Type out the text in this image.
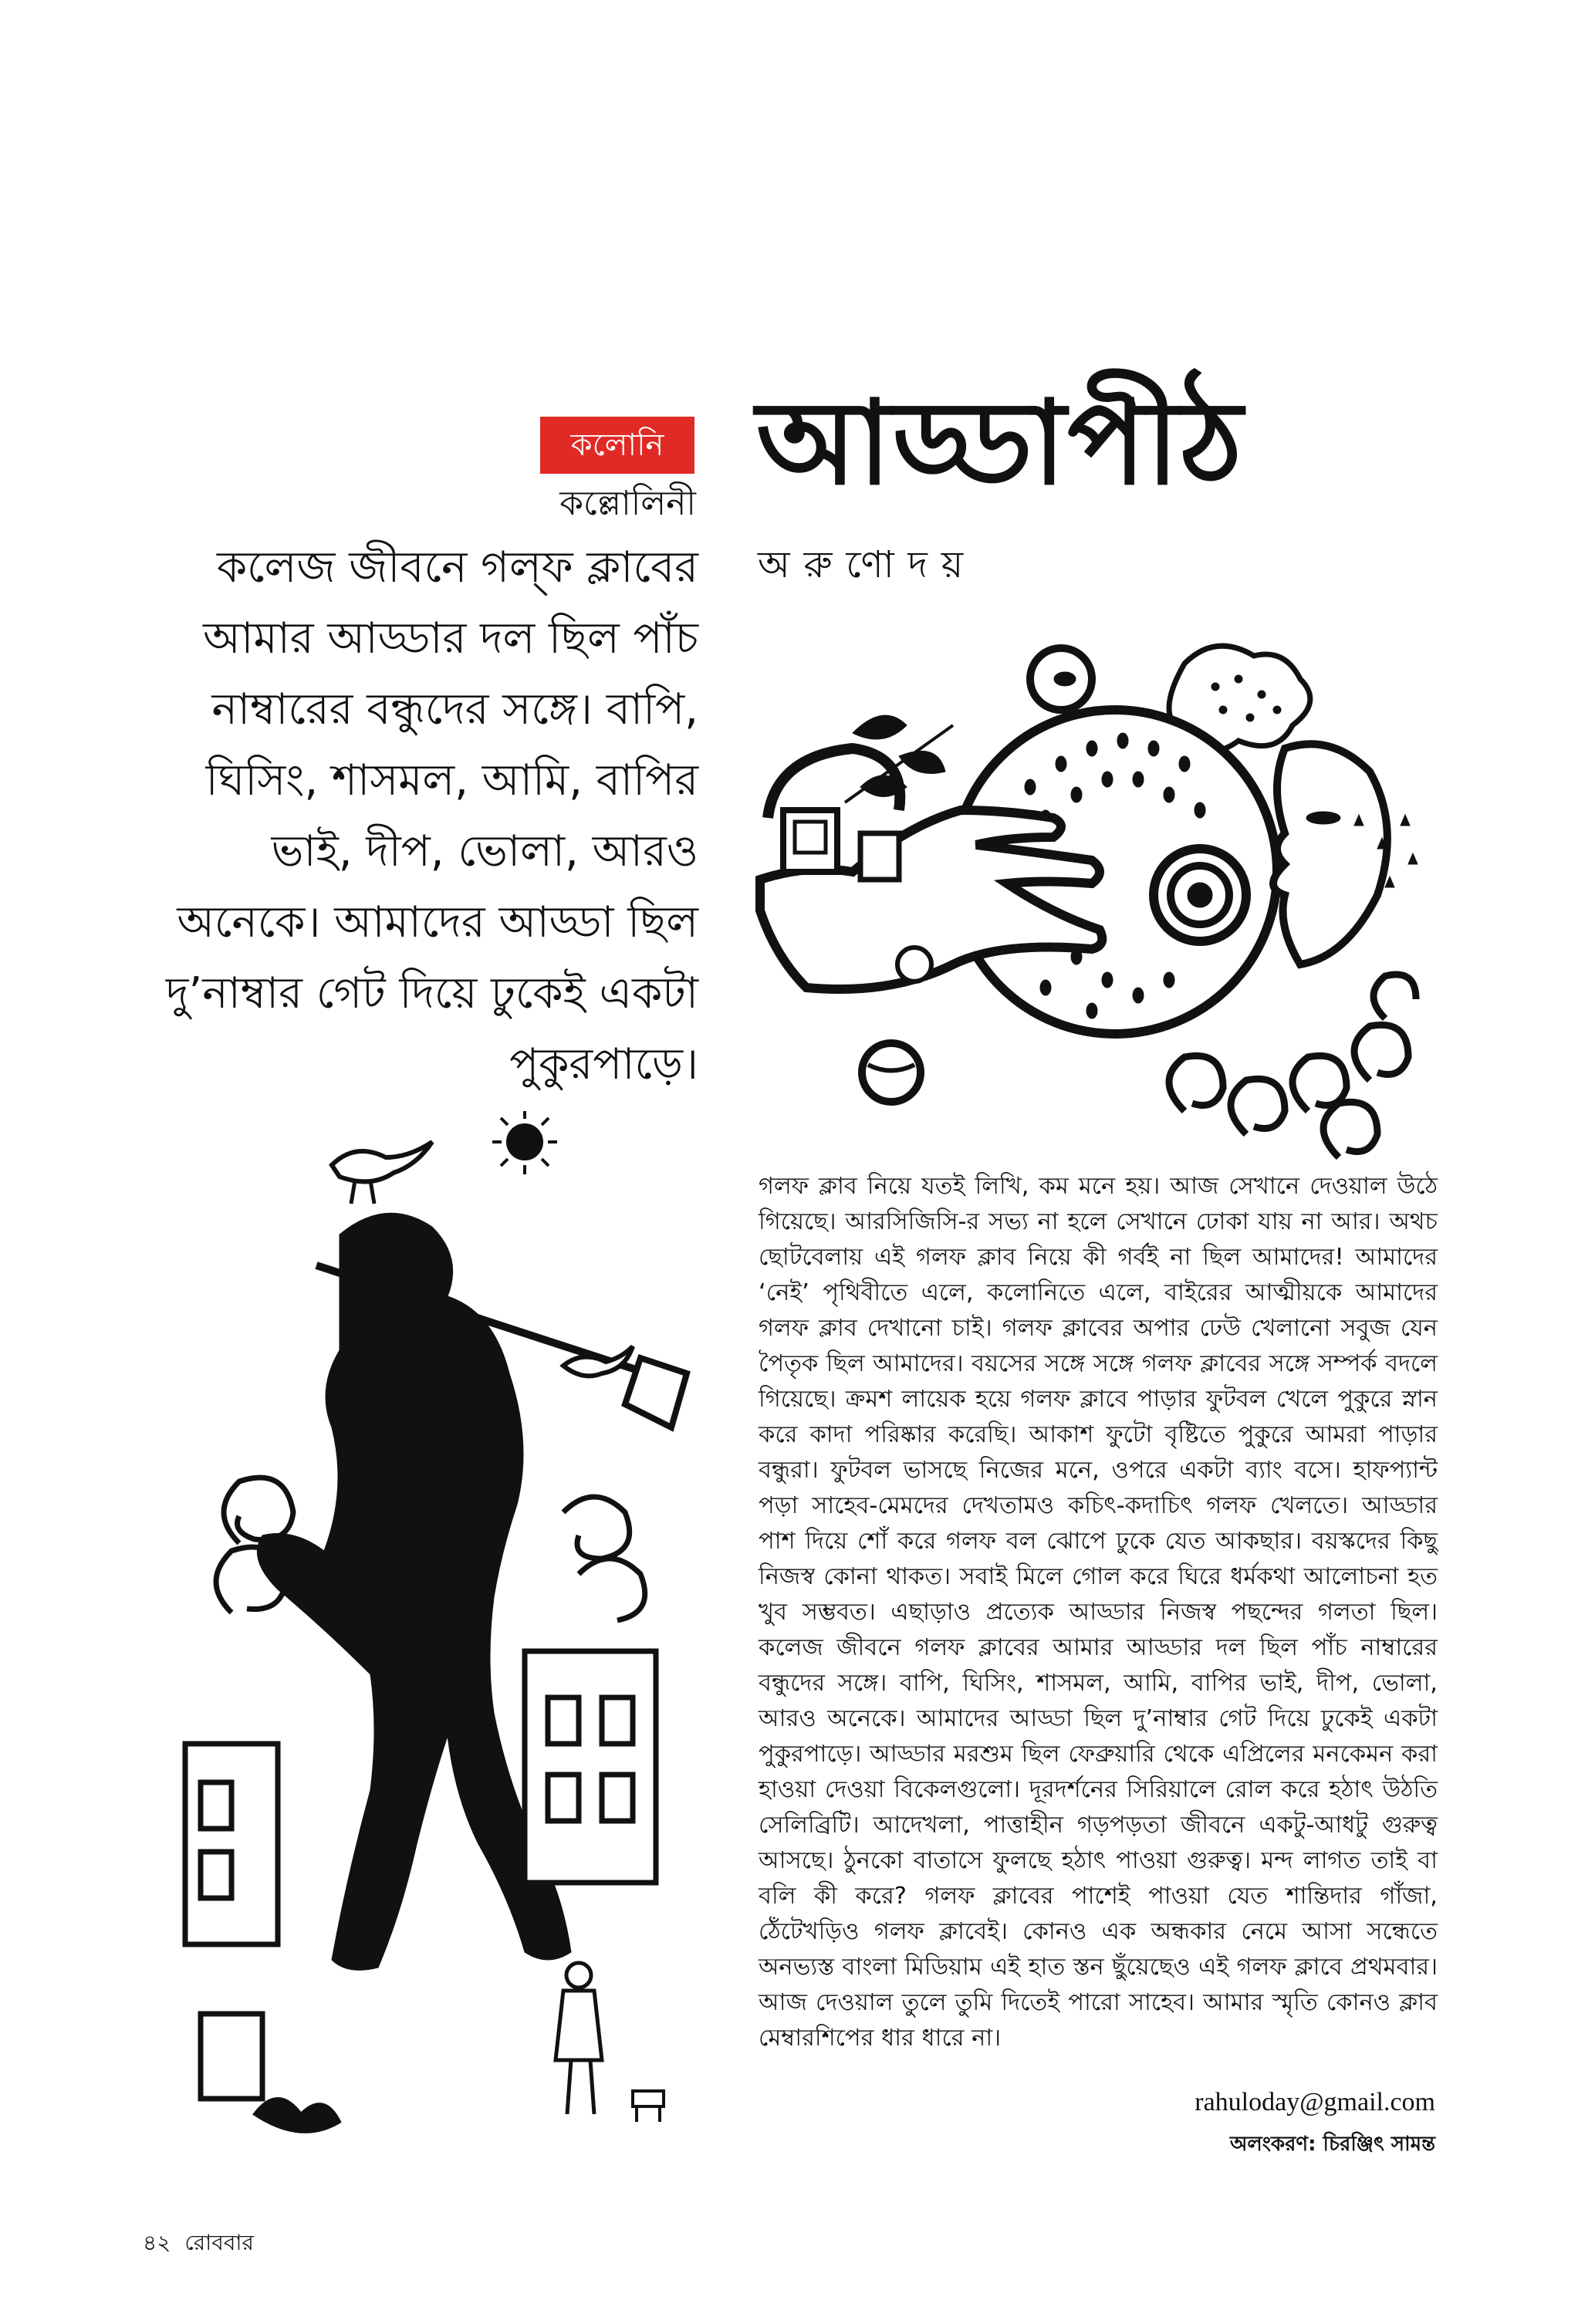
কলোনি
কল্লোলিনী আড্ডাপীঠ
অরুণোদয়
কলেজ জীবনে গল্‌ফ ক্লাবের আমার আড্ডার দল ছিল পাঁচ নাম্বারের বন্ধুদের সঙ্গে। বাপি, ঘিসিং, শাসমল, আমি, বাপির ভাই, দীপ, ভোলা, আরও অনেকে। আমাদের আড্ডা ছিল দু’নাম্বার গেট দিয়ে ঢুকেই একটা পুকুরপাড়ে।
গলফ ক্লাব নিয়ে যতই লিখি, কম মনে হয়। আজ সেখানে দেওয়াল উঠে গিয়েছে। আরসিজিসি-র সভ্য না হলে সেখানে ঢোকা যায় না আর। অথচ ছোটবেলায় এই গলফ ক্লাব নিয়ে কী গর্বই না ছিল আমাদের! আমাদের ‘নেই’ পৃথিবীতে এলে, কলোনিতে এলে, বাইরের আত্মীয়কে আমাদের গলফ ক্লাব দেখানো চাই। গলফ ক্লাবের অপার ঢেউ খেলানো সবুজ যেন পৈতৃক ছিল আমাদের। বয়সের সঙ্গে সঙ্গে গলফ ক্লাবের সঙ্গে সম্পর্ক বদলে গিয়েছে। ক্রমশ লায়েক হয়ে গলফ ক্লাবে পাড়ার ফুটবল খেলে পুকুরে স্নান করে কাদা পরিষ্কার করেছি। আকাশ ফুটো বৃষ্টিতে পুকুরে আমরা পাড়ার বন্ধুরা। ফুটবল ভাসছে নিজের মনে, ওপরে একটা ব্যাং বসে। হাফপ্যান্ট পড়া সাহেব-মেমদের দেখতামও কচিৎ-কদাচিৎ গলফ খেলতে। আড্ডার পাশ দিয়ে শোঁ করে গলফ বল ঝোপে ঢুকে যেত আকছার। বয়স্কদের কিছু নিজস্ব কোনা থাকত। সবাই মিলে গোল করে ঘিরে ধর্মকথা আলোচনা হত খুব সম্ভবত। এছাড়াও প্রত্যেক আড্ডার নিজস্ব পছন্দের গলতা ছিল। কলেজ জীবনে গলফ ক্লাবের আমার আড্ডার দল ছিল পাঁচ নাম্বারের বন্ধুদের সঙ্গে। বাপি, ঘিসিং, শাসমল, আমি, বাপির ভাই, দীপ, ভোলা, আরও অনেকে। আমাদের আড্ডা ছিল দু’নাম্বার গেট দিয়ে ঢুকেই একটা পুকুরপাড়ে। আড্ডার মরশুম ছিল ফেব্রুয়ারি থেকে এপ্রিলের মনকেমন করা হাওয়া দেওয়া বিকেলগুলো। দূরদর্শনের সিরিয়ালে রোল করে হঠাৎ উঠতি সেলিব্রিটি। আদেখলা, পাত্তাহীন গড়পড়তা জীবনে একটু-আধটু গুরুত্ব আসছে। ঠুনকো বাতাসে ফুলছে হঠাৎ পাওয়া গুরুত্ব। মন্দ লাগত তাই বা বলি কী করে? গলফ ক্লাবের পাশেই পাওয়া যেত শান্তিদার গাঁজা, ঠেঁটেখড়িও গলফ ক্লাবেই। কোনও এক অন্ধকার নেমে আসা সন্ধেতে অনভ্যস্ত বাংলা মিডিয়াম এই হাত স্তন ছুঁয়েছেও এই গলফ ক্লাবে প্রথমবার। আজ দেওয়াল তুলে তুমি দিতেই পারো সাহেব। আমার স্মৃতি কোনও ক্লাব মেম্বারশিপের ধার ধারে না।
rahuloday@gmail.com
অলংকরণ: চিরঞ্জিৎ সামন্ত
৪২ রোববার
